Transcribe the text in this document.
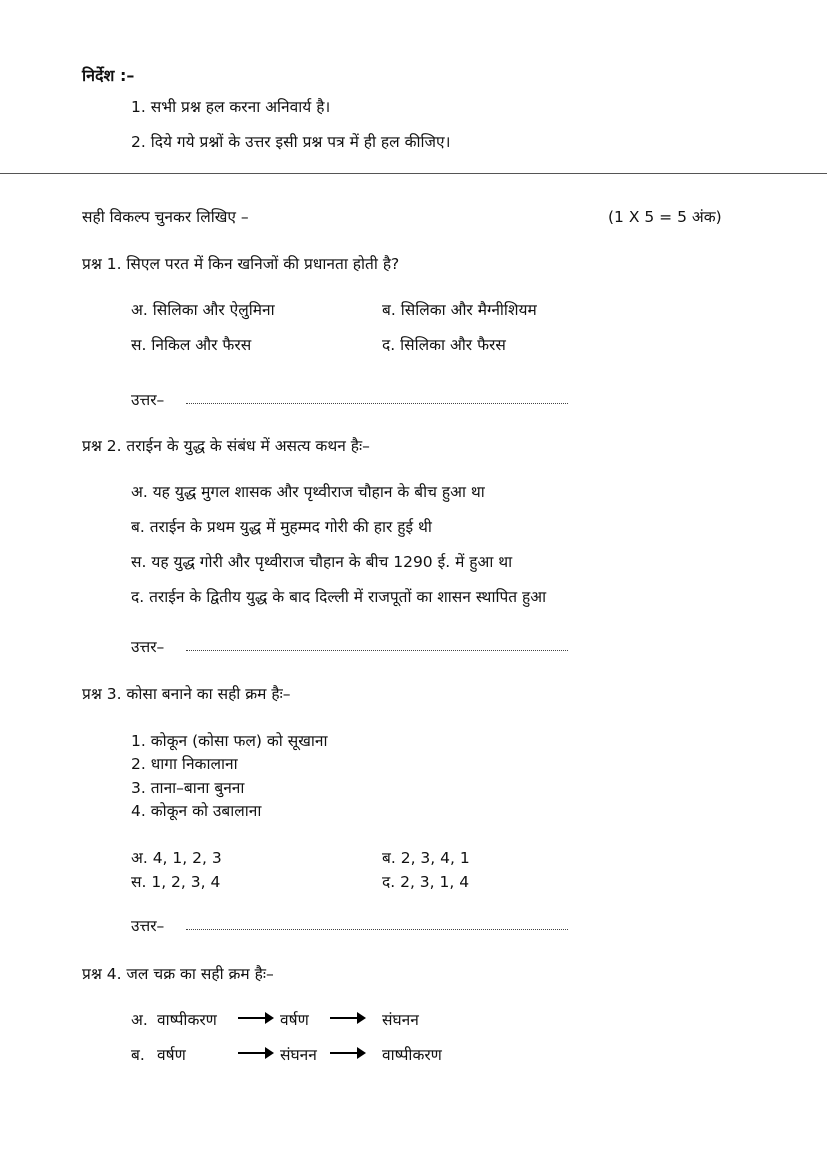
निर्देश :–
1. सभी प्रश्न हल करना अनिवार्य है।
2. दिये गये प्रश्नों के उत्तर इसी प्रश्न पत्र में ही हल कीजिए।
सही विकल्प चुनकर लिखिए –	(1 X 5 = 5 अंक)
प्रश्न 1. सिएल परत में किन खनिजों की प्रधानता होती है?
अ. सिलिका और ऐलुमिना	ब. सिलिका और मैग्नीशियम
स. निकिल और फैरस	द. सिलिका और फैरस
उत्तर–
प्रश्न 2. तराईन के युद्ध के संबंध में असत्य कथन हैः–
अ. यह युद्ध मुगल शासक और पृथ्वीराज चौहान के बीच हुआ था
ब. तराईन के प्रथम युद्ध में मुहम्मद गोरी की हार हुई थी
स. यह युद्ध गोरी और पृथ्वीराज चौहान के बीच 1290 ई. में हुआ था
द. तराईन के द्वितीय युद्ध के बाद दिल्ली में राजपूतों का शासन स्थापित हुआ
उत्तर–
प्रश्न 3. कोसा बनाने का सही क्रम हैः–
1. कोकून (कोसा फल) को सूखाना
2. धागा निकालाना
3. ताना–बाना बुनना
4. कोकून को उबालाना
अ. 4, 1, 2, 3	ब. 2, 3, 4, 1
स. 1, 2, 3, 4	द. 2, 3, 1, 4
उत्तर–
प्रश्न 4. जल चक्र का सही क्रम हैः–
अ. वाष्पीकरण	वर्षण	संघनन
ब. वर्षण	संघनन	वाष्पीकरण
